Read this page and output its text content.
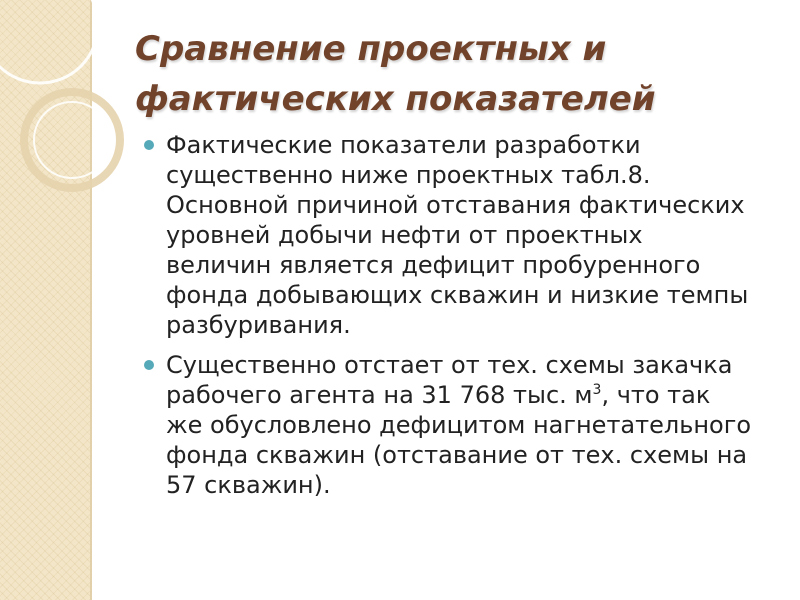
Сравнение проектных и
фактических показателей
Фактические показатели разработки существенно ниже проектных табл.8. Основной причиной отставания фактических уровней добычи нефти от проектных величин является дефицит пробуренного фонда добывающих скважин и низкие темпы разбуривания.
Существенно отстает от тех. схемы закачка рабочего агента на 31 768 тыс. $м^3$, что так же обусловлено дефицитом нагнетательного фонда скважин (отставание от тех. схемы на 57 скважин).
